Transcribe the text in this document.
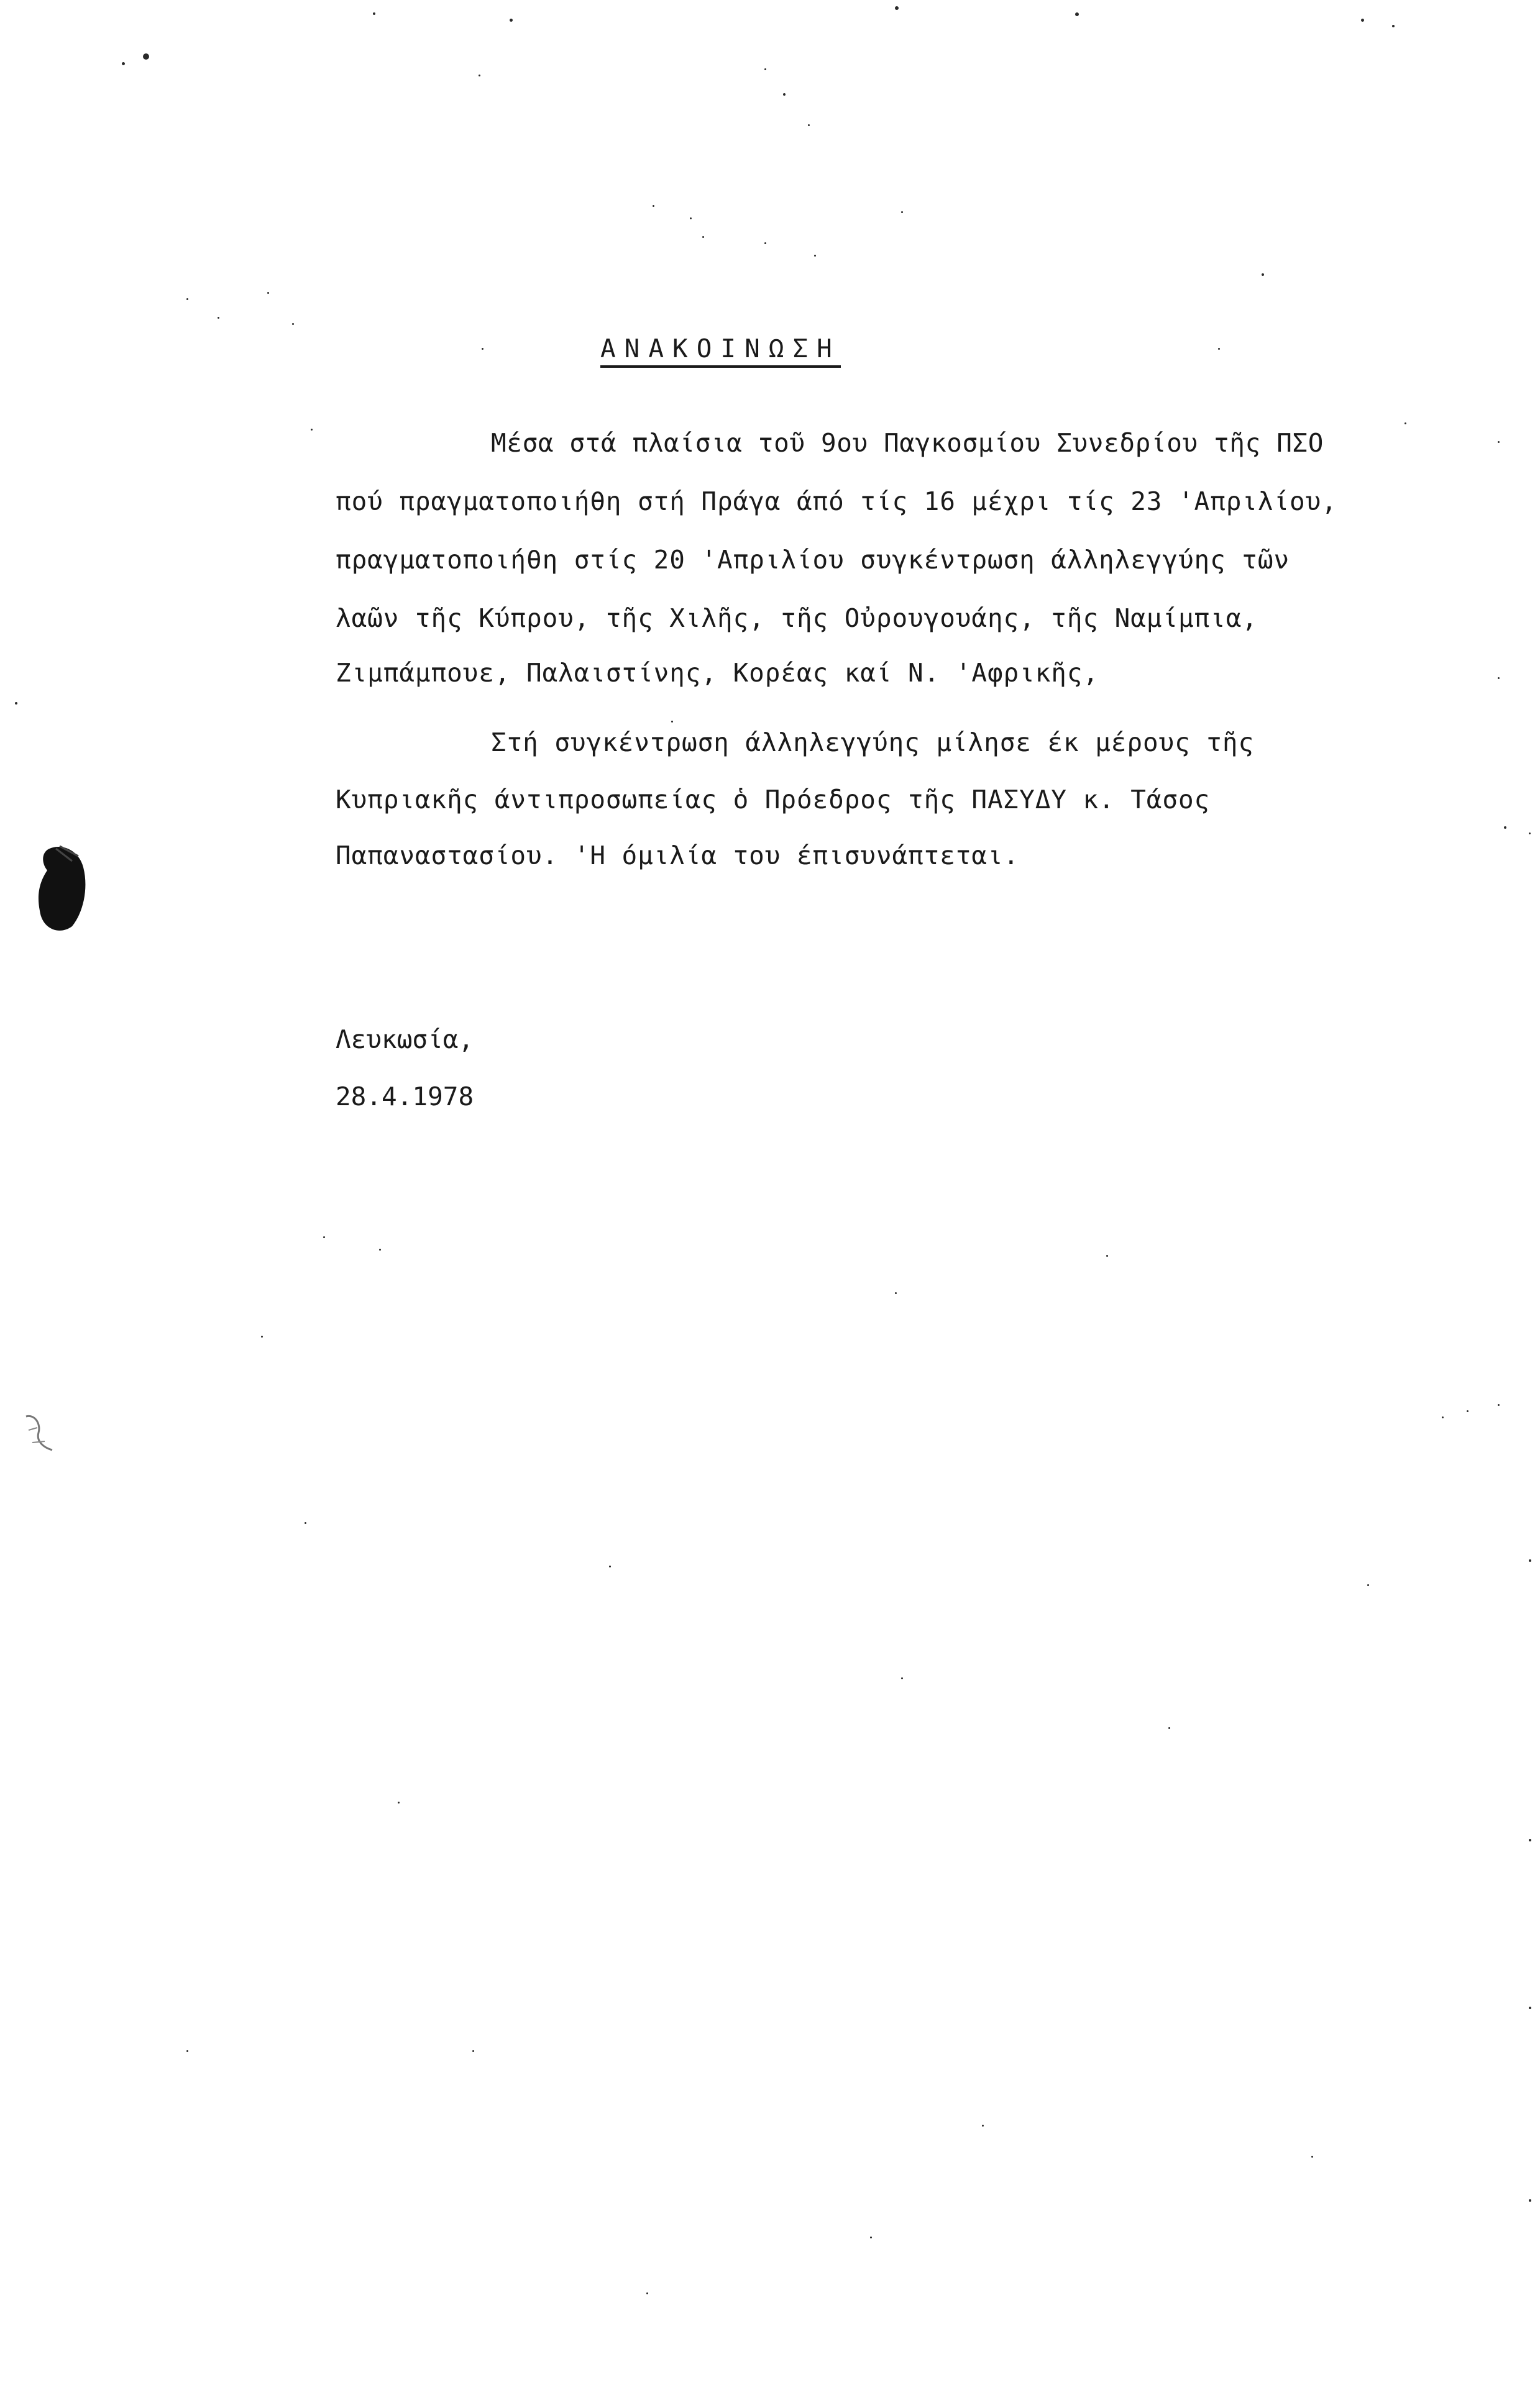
ΑΝΑΚΟΙΝΩΣΗ
Μέσα στά πλαίσια τοῦ 9ου Παγκοσμίου Συνεδρίου τῆς ΠΣΟ
πού πραγματοποιήθη στή Πράγα άπό τίς 16 μέχρι τίς 23 'Απριλίου,
πραγματοποιήθη στίς 20 'Απριλίου συγκέντρωση άλληλεγγύης τῶν
λαῶν τῆς Κύπρου, τῆς Χιλῆς, τῆς Οὐρουγουάης, τῆς Ναμίμπια,
Ζιμπάμπουε, Παλαιστίνης, Κορέας καί Ν. 'Αφρικῆς,
Στή συγκέντρωση άλληλεγγύης μίλησε έκ μέρους τῆς
Κυπριακῆς άντιπροσωπείας ὁ Πρόεδρος τῆς ΠΑΣΥΔΥ κ. Τάσος
Παπαναστασίου. 'Η όμιλία του έπισυνάπτεται.
Λευκωσία,
28.4.1978
